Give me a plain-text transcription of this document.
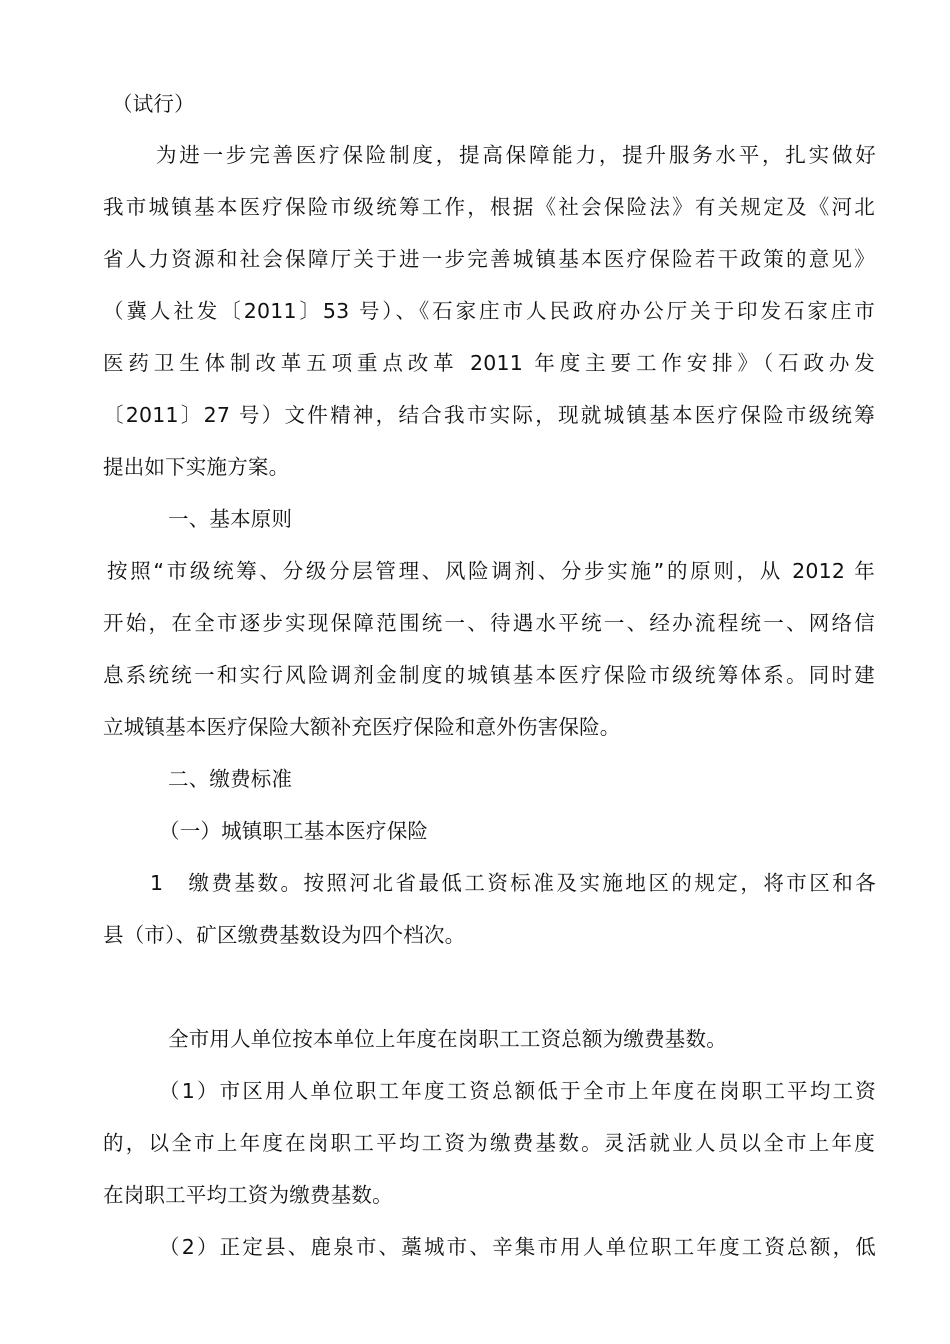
（试行）
为进一步完善医疗保险制度，提高保障能力，提升服务水平，扎实做好
我市城镇基本医疗保险市级统筹工作，根据《社会保险法》有关规定及《河北
省人力资源和社会保障厅关于进一步完善城镇基本医疗保险若干政策的意见》
（冀人社发〔2011〕53 号）、《石家庄市人民政府办公厅关于印发石家庄市
医药卫生体制改革五项重点改革 2011 年度主要工作安排》（石政办发
〔2011〕27 号）文件精神，结合我市实际，现就城镇基本医疗保险市级统筹
提出如下实施方案。
一、基本原则
按照“市级统筹、分级分层管理、风险调剂、分步实施”的原则，从 2012 年
开始，在全市逐步实现保障范围统一、待遇水平统一、经办流程统一、网络信
息系统统一和实行风险调剂金制度的城镇基本医疗保险市级统筹体系。同时建
立城镇基本医疗保险大额补充医疗保险和意外伤害保险。
二、缴费标准
（一）城镇职工基本医疗保险
1　缴费基数。按照河北省最低工资标准及实施地区的规定，将市区和各
县（市）、矿区缴费基数设为四个档次。
全市用人单位按本单位上年度在岗职工工资总额为缴费基数。
（1）市区用人单位职工年度工资总额低于全市上年度在岗职工平均工资
的，以全市上年度在岗职工平均工资为缴费基数。灵活就业人员以全市上年度
在岗职工平均工资为缴费基数。
（2）正定县、鹿泉市、藁城市、辛集市用人单位职工年度工资总额，低
